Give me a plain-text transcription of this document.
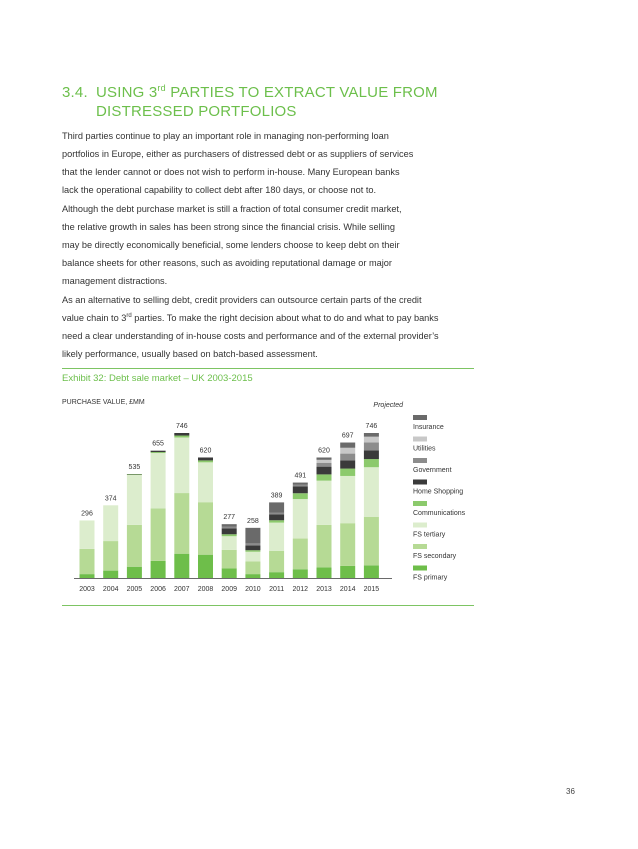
3.4. USING 3rd PARTIES TO EXTRACT VALUE FROM
DISTRESSED PORTFOLIOS
Third parties continue to play an important role in managing non-performing loan
portfolios in Europe, either as purchasers of distressed debt or as suppliers of services
that the lender cannot or does not wish to perform in-house. Many European banks
lack the operational capability to collect debt after 180 days, or choose not to.
Although the debt purchase market is still a fraction of total consumer credit market,
the relative growth in sales has been strong since the financial crisis. While selling
may be directly economically beneficial, some lenders choose to keep debt on their
balance sheets for other reasons, such as avoiding reputational damage or major
management distractions.
As an alternative to selling debt, credit providers can outsource certain parts of the credit
value chain to 3rd parties. To make the right decision about what to do and what to pay banks
need a clear understanding of in-house costs and performance and of the external provider’s
likely performance, usually based on batch-based assessment.
Exhibit 32: Debt sale market – UK 2003-2015
PURCHASE VALUE, £MM	Projected
296
374
535
655
746
620
277
258
389
491
620
697
746
2003 2004 2005 2006 2007 2008 2009 2010 2011 2012 2013 2014 2015
Insurance
Utilities
Government
Home Shopping
Communications
FS tertiary
FS secondary
FS primary
36
